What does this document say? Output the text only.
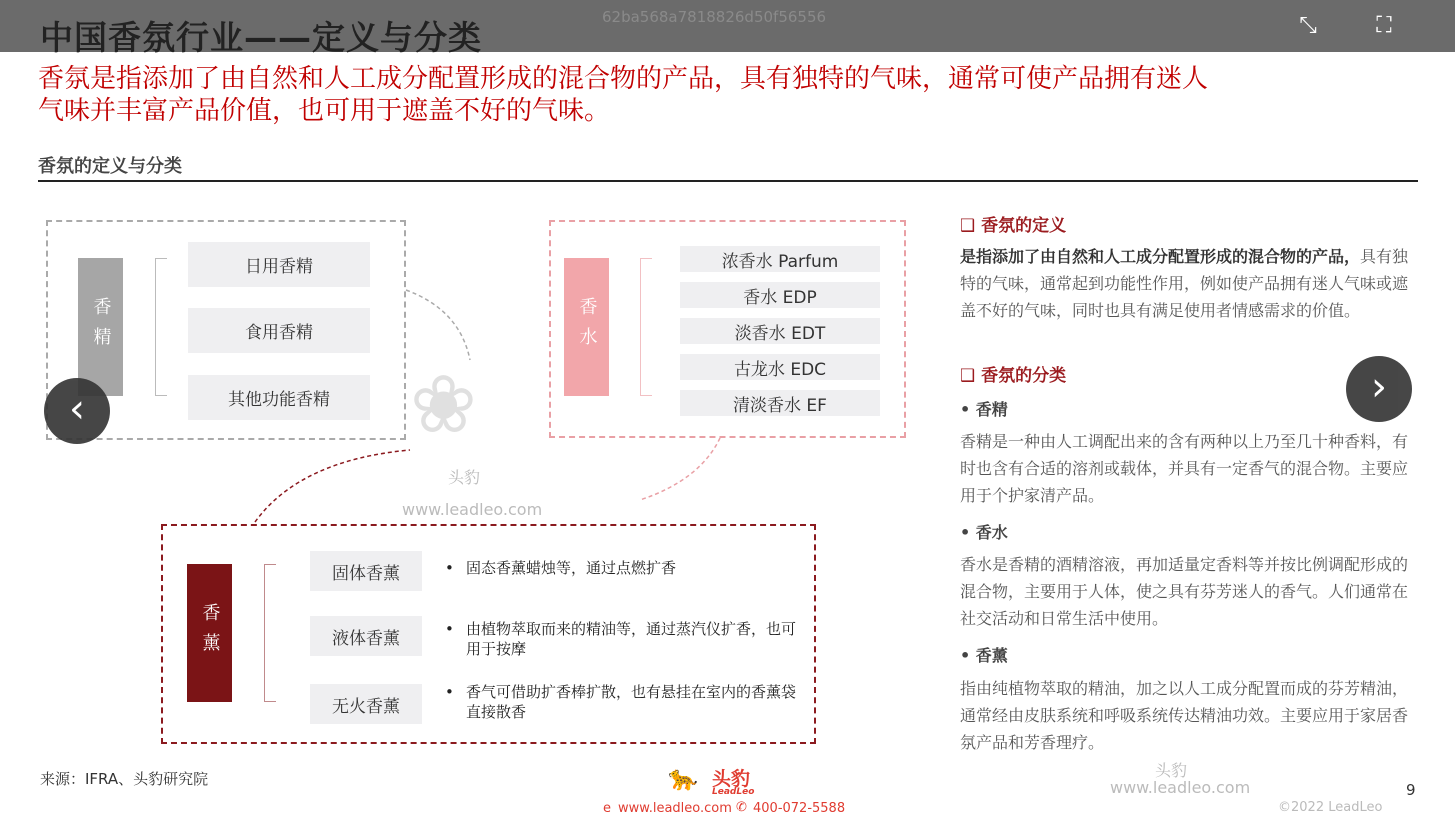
中国香氛行业——定义与分类
62ba568a7818826d50f56556	⤡	⛶
香氛是指添加了由自然和人工成分配置形成的混合物的产品，具有独特的气味，通常可使产品拥有迷人
气味并丰富产品价值，也可用于遮盖不好的气味。
香氛的定义与分类
香精
日用香精
食用香精
其他功能香精
香水
浓香水 Parfum
香水 EDP
淡香水 EDT
古龙水 EDC
清淡香水 EF
香薰
固体香薰
液体香薰
无火香薰
• 固态香薰蜡烛等，通过点燃扩香
• 由植物萃取而来的精油等，通过蒸汽仪扩香，也可用于按摩
• 香气可借助扩香棒扩散，也有悬挂在室内的香薰袋直接散香
❀
头豹
www.leadleo.com
头豹
www.leadleo.com
❑ 香氛的定义
是指添加了由自然和人工成分配置形成的混合物的产品，具有独特的气味，通常起到功能性作用，例如使产品拥有迷人气味或遮盖不好的气味，同时也具有满足使用者情感需求的价值。
❑ 香氛的分类
• 香精
香精是一种由人工调配出来的含有两种以上乃至几十种香料，有时也含有合适的溶剂或载体，并具有一定香气的混合物。主要应用于个护家清产品。
• 香水
香水是香精的酒精溶液，再加适量定香料等并按比例调配形成的混合物，主要用于人体，使之具有芬芳迷人的香气。人们通常在社交活动和日常生活中使用。
• 香薰
指由纯植物萃取的精油，加之以人工成分配置而成的芬芳精油，通常经由皮肤系统和呼吸系统传达精油功效。主要应用于家居香氛产品和芳香理疗。
‹	›
来源：IFRA、头豹研究院	🐆 头豹
LeadLeo
e www.leadleo.com ✆ 400-072-5588
9
©2022 LeadLeo
